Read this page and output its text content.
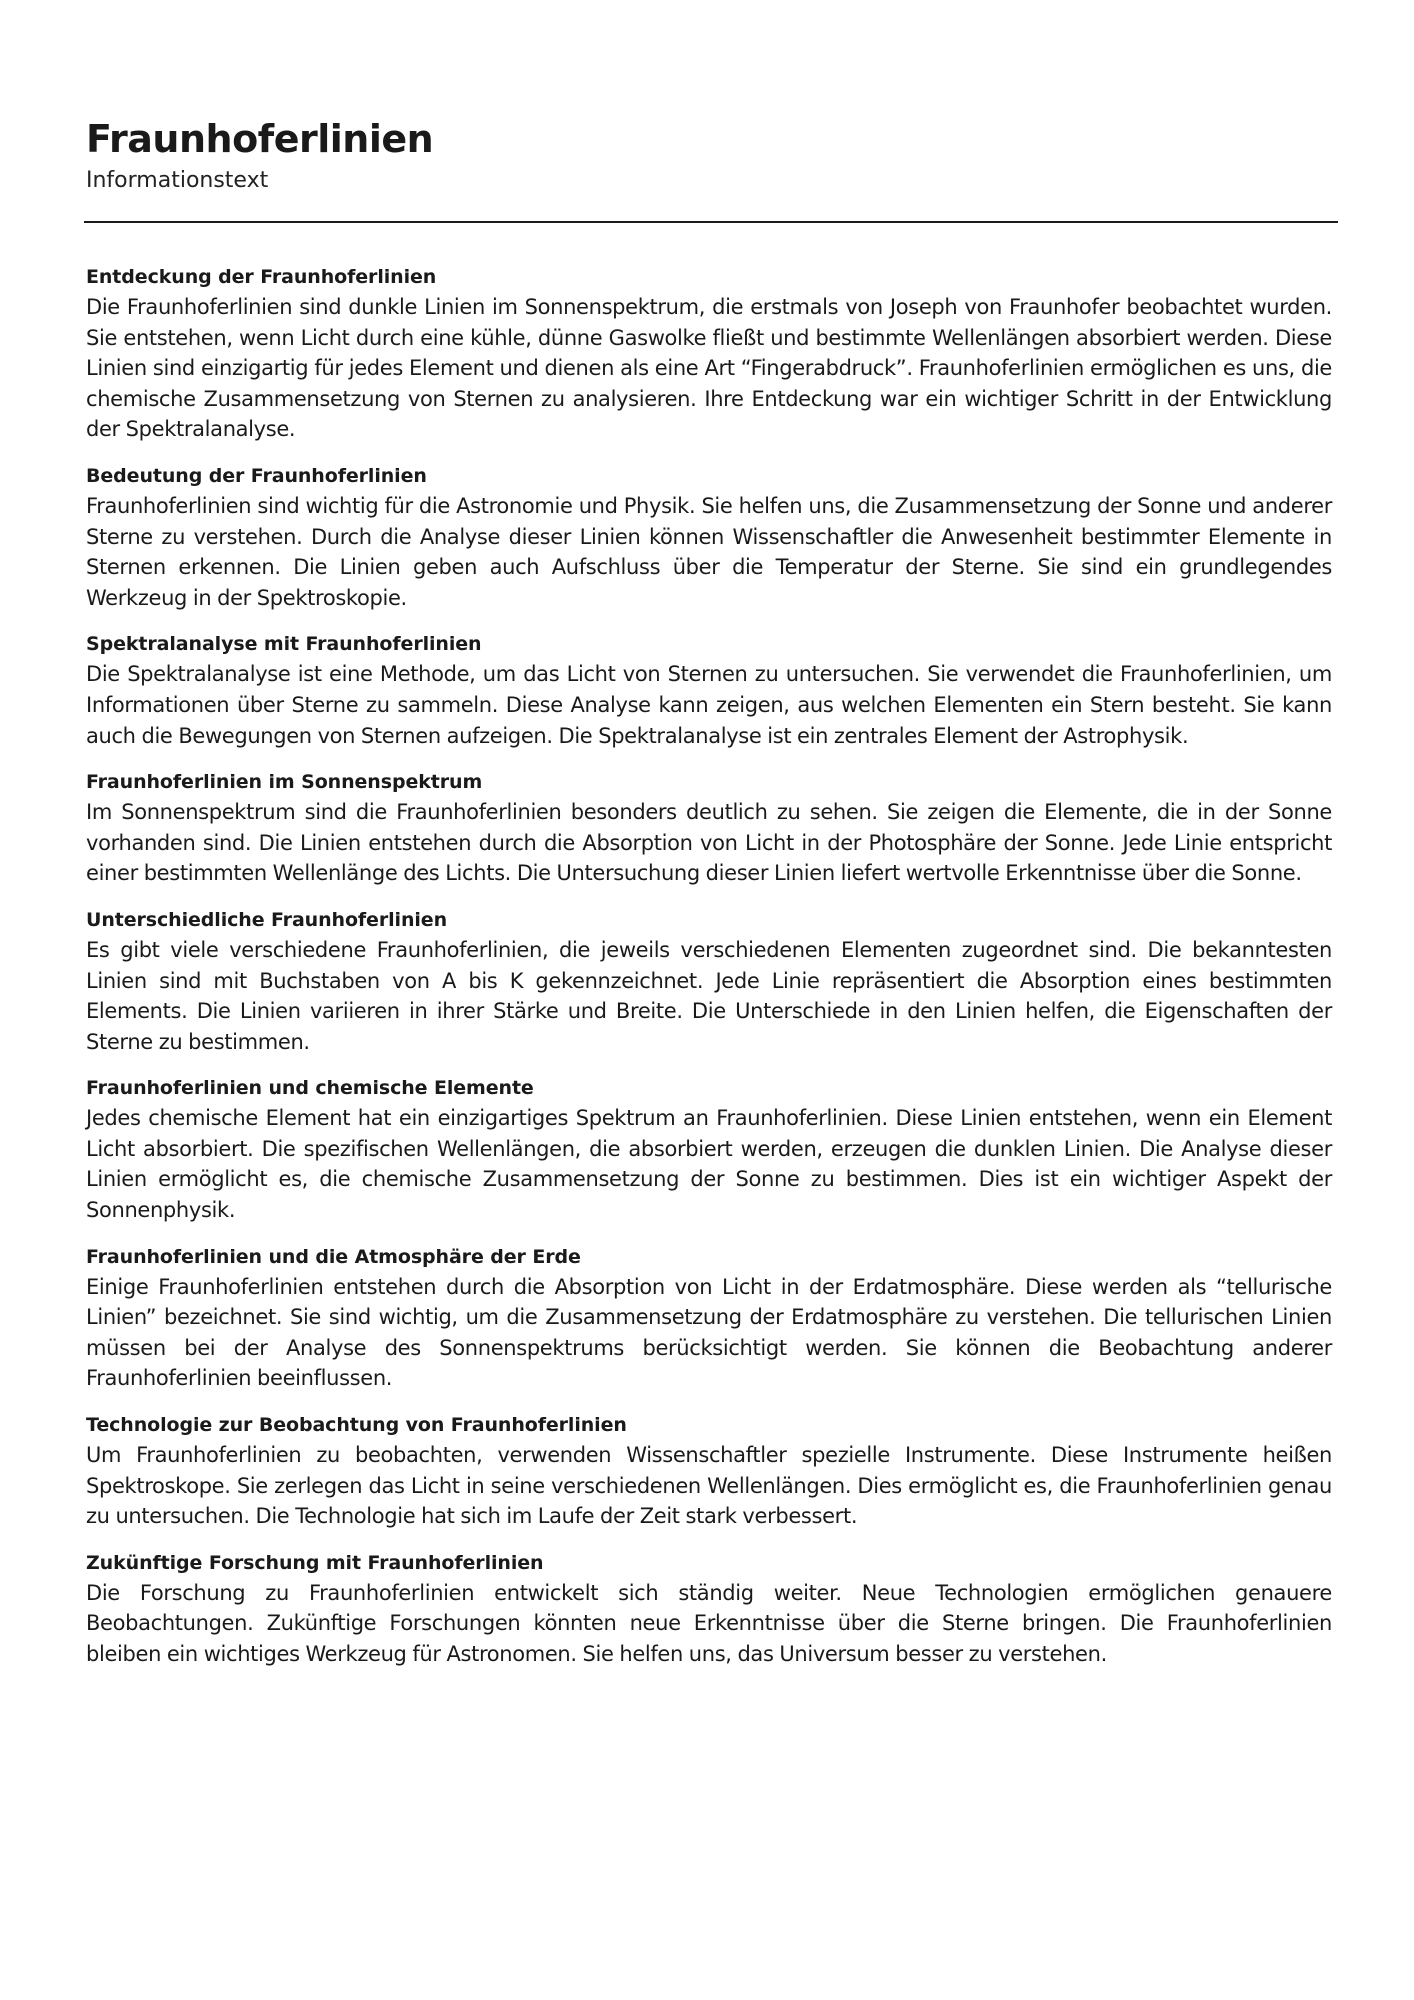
Fraunhoferlinien

Informationstext

Entdeckung der Fraunhoferlinien

Die Fraunhoferlinien sind dunkle Linien im Sonnenspektrum, die erstmals von Joseph von Fraunhofer beobachtet wurden. Sie entstehen, wenn Licht durch eine kühle, dünne Gaswolke fließt und bestimmte Wellenlängen absorbiert werden. Diese Linien sind einzigartig für jedes Element und dienen als eine Art “Fingerabdruck”. Fraunhoferlinien ermöglichen es uns, die chemische Zusammensetzung von Sternen zu analysieren. Ihre Entdeckung war ein wichtiger Schritt in der Entwicklung der Spektralanalyse.

Bedeutung der Fraunhoferlinien

Fraunhoferlinien sind wichtig für die Astronomie und Physik. Sie helfen uns, die Zusammensetzung der Sonne und anderer Sterne zu verstehen. Durch die Analyse dieser Linien können Wissenschaftler die Anwesenheit bestimmter Elemente in Sternen erkennen. Die Linien geben auch Aufschluss über die Temperatur der Sterne. Sie sind ein grundlegendes Werkzeug in der Spektroskopie.

Spektralanalyse mit Fraunhoferlinien

Die Spektralanalyse ist eine Methode, um das Licht von Sternen zu untersuchen. Sie verwendet die Fraunhoferlinien, um Informationen über Sterne zu sammeln. Diese Analyse kann zeigen, aus welchen Elementen ein Stern besteht. Sie kann auch die Bewegungen von Sternen aufzeigen. Die Spektralanalyse ist ein zentrales Element der Astrophysik.

Fraunhoferlinien im Sonnenspektrum

Im Sonnenspektrum sind die Fraunhoferlinien besonders deutlich zu sehen. Sie zeigen die Elemente, die in der Sonne vorhanden sind. Die Linien entstehen durch die Absorption von Licht in der Photosphäre der Sonne. Jede Linie entspricht einer bestimmten Wellenlänge des Lichts. Die Untersuchung dieser Linien liefert wertvolle Erkenntnisse über die Sonne.

Unterschiedliche Fraunhoferlinien

Es gibt viele verschiedene Fraunhoferlinien, die jeweils verschiedenen Elementen zugeordnet sind. Die bekanntesten Linien sind mit Buchstaben von A bis K gekennzeichnet. Jede Linie repräsentiert die Absorption eines bestimmten Elements. Die Linien variieren in ihrer Stärke und Breite. Die Unterschiede in den Linien helfen, die Eigenschaften der Sterne zu bestimmen.

Fraunhoferlinien und chemische Elemente

Jedes chemische Element hat ein einzigartiges Spektrum an Fraunhoferlinien. Diese Linien entstehen, wenn ein Element Licht absorbiert. Die spezifischen Wellenlängen, die absorbiert werden, erzeugen die dunklen Linien. Die Analyse dieser Linien ermöglicht es, die chemische Zusammensetzung der Sonne zu bestimmen. Dies ist ein wichtiger Aspekt der Sonnenphysik.

Fraunhoferlinien und die Atmosphäre der Erde

Einige Fraunhoferlinien entstehen durch die Absorption von Licht in der Erdatmosphäre. Diese werden als “tellurische Linien” bezeichnet. Sie sind wichtig, um die Zusammensetzung der Erdatmosphäre zu verstehen. Die tellurischen Linien müssen bei der Analyse des Sonnenspektrums berücksichtigt werden. Sie können die Beobachtung anderer Fraunhoferlinien beeinflussen.

Technologie zur Beobachtung von Fraunhoferlinien

Um Fraunhoferlinien zu beobachten, verwenden Wissenschaftler spezielle Instrumente. Diese Instrumente heißen Spektroskope. Sie zerlegen das Licht in seine verschiedenen Wellenlängen. Dies ermöglicht es, die Fraunhoferlinien genau zu untersuchen. Die Technologie hat sich im Laufe der Zeit stark verbessert.

Zukünftige Forschung mit Fraunhoferlinien

Die Forschung zu Fraunhoferlinien entwickelt sich ständig weiter. Neue Technologien ermöglichen genauere Beobachtungen. Zukünftige Forschungen könnten neue Erkenntnisse über die Sterne bringen. Die Fraunhoferlinien bleiben ein wichtiges Werkzeug für Astronomen. Sie helfen uns, das Universum besser zu verstehen.
